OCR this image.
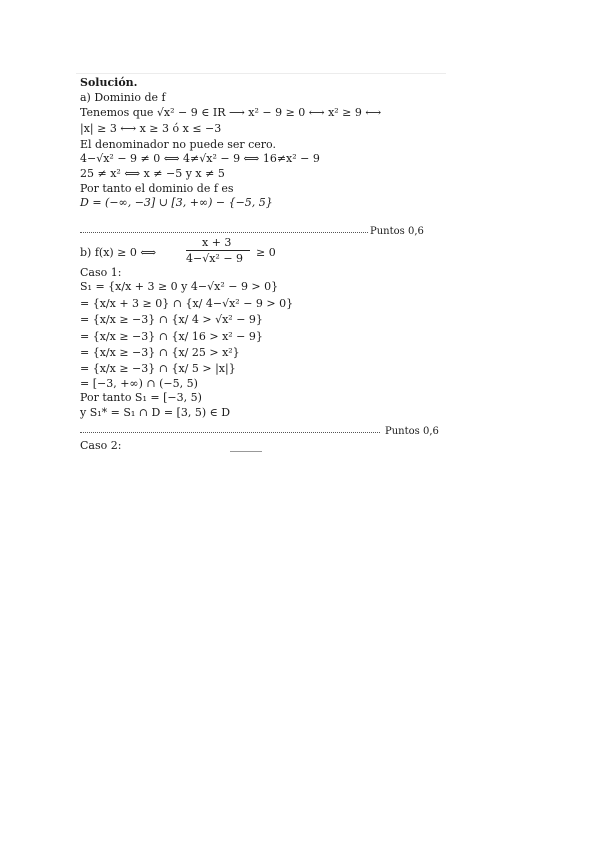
Solución.
a) Dominio de f
Tenemos que √x² − 9 ∈ IR ⟶ x² − 9 ≥ 0 ⟷ x² ≥ 9 ⟷
|x| ≥ 3 ⟷ x ≥ 3 ó x ≤ −3
El denominador no puede ser cero.
4−√x² − 9 ≠ 0 ⟺ 4≠√x² − 9 ⟺ 16≠x² − 9
25 ≠ x² ⟺ x ≠ −5 y x ≠ 5
Por tanto el dominio de f es
D = (−∞, −3] ∪ [3, +∞) − {−5, 5}
Puntos 0,6
b) f(x) ≥ 0 ⟺
x + 3
4−√x² − 9 ≥ 0
Caso 1:
S₁ = {x/x + 3 ≥ 0 y 4−√x² − 9 > 0}
= {x/x + 3 ≥ 0} ∩ {x/ 4−√x² − 9 > 0}
= {x/x ≥ −3} ∩ {x/ 4 > √x² − 9}
= {x/x ≥ −3} ∩ {x/ 16 > x² − 9}
= {x/x ≥ −3} ∩ {x/ 25 > x²}
= {x/x ≥ −3} ∩ {x/ 5 > |x|}
= [−3, +∞) ∩ (−5, 5)
Por tanto S₁ = [−3, 5)
y S₁* = S₁ ∩ D = [3, 5) ∈ D
Puntos 0,6
Caso 2:
